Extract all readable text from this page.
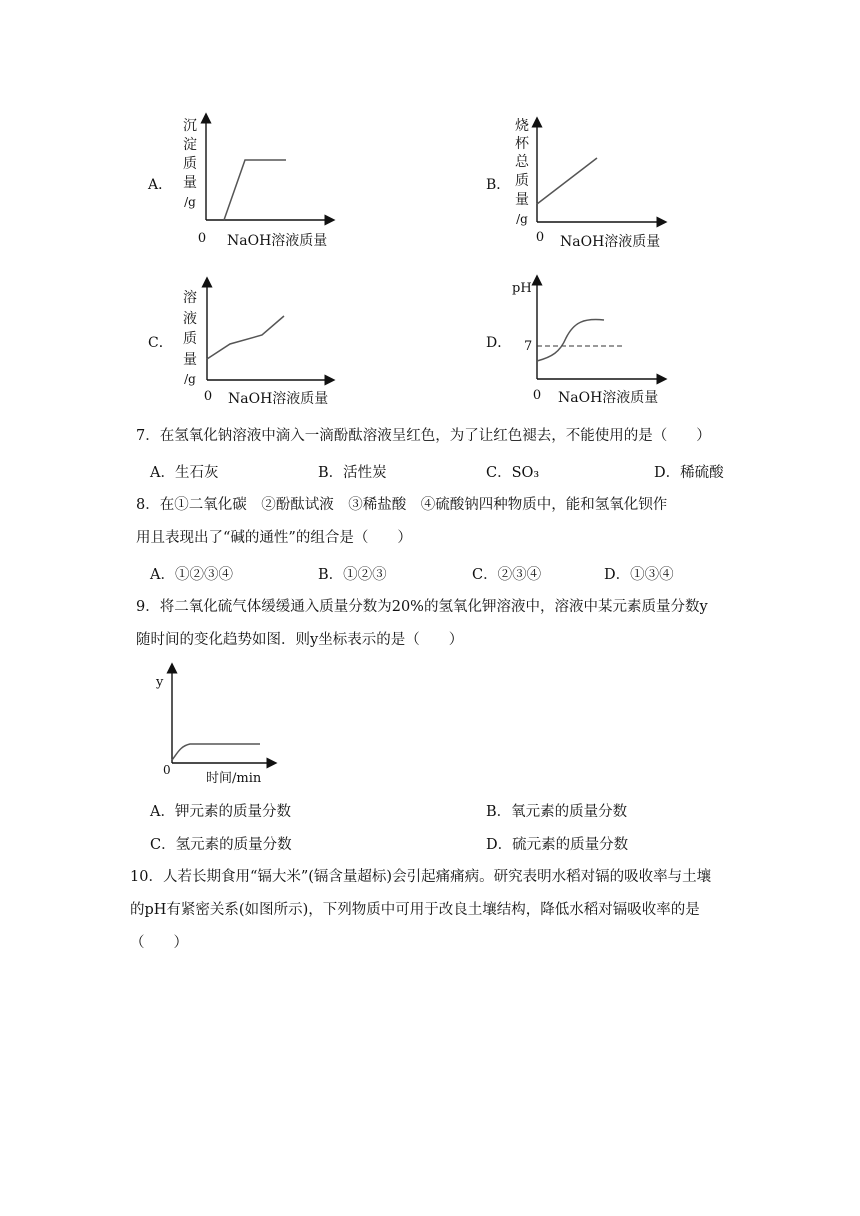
A．
0 NaOH溶液质量
沉
淀
质
量
/g
B．
0 NaOH溶液质量
烧
杯
总
质
量
/g
C．
0 NaOH溶液质量
溶
液
质
量
/g
D．
pH
7
0 NaOH溶液质量
7．在氢氧化钠溶液中滴入一滴酚酞溶液呈红色，为了让红色褪去，不能使用的是（　　）
A．生石灰	B．活性炭	C．SO₃	D．稀硫酸
8．在①二氧化碳　②酚酞试液　③稀盐酸　④硫酸钠四种物质中，能和氢氧化钡作
用且表现出了“碱的通性”的组合是（　　）
A．①②③④	B．①②③	C．②③④	D．①③④
9．将二氧化硫气体缓缓通入质量分数为20%的氢氧化钾溶液中，溶液中某元素质量分数y
随时间的变化趋势如图．则y坐标表示的是（　　）
y
0
时间/min
A．钾元素的质量分数	B．氧元素的质量分数
C．氢元素的质量分数	D．硫元素的质量分数
10．人若长期食用“镉大米”(镉含量超标)会引起痛痛病。研究表明水稻对镉的吸收率与土壤
的pH有紧密关系(如图所示)，下列物质中可用于改良土壤结构，降低水稻对镉吸收率的是
（　　）
